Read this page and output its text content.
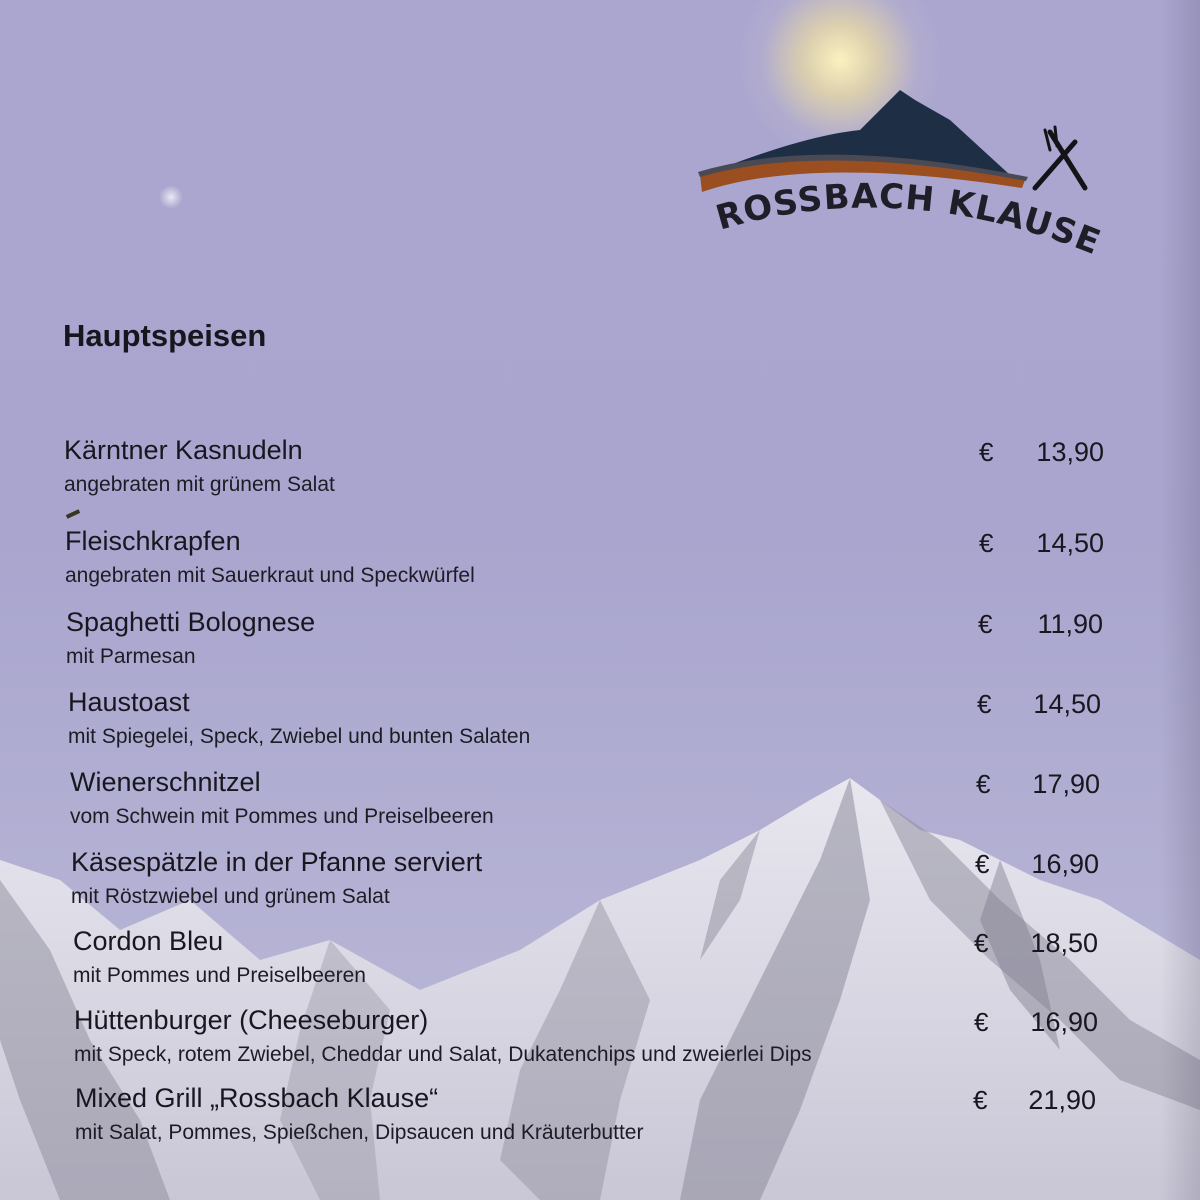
ROSSBACH KLAUSE
Hauptspeisen
Kärntner Kasnudeln
angebraten mit grünem Salat
€	13,90
Fleischkrapfen
angebraten mit Sauerkraut und Speckwürfel
€	14,50
Spaghetti Bolognese
mit Parmesan
€	11,90
Haustoast
mit Spiegelei, Speck, Zwiebel und bunten Salaten
€	14,50
Wienerschnitzel
vom Schwein mit Pommes und Preiselbeeren
€	17,90
Käsespätzle in der Pfanne serviert
mit Röstzwiebel und grünem Salat
€	16,90
Cordon Bleu
mit Pommes und Preiselbeeren
€	18,50
Hüttenburger (Cheeseburger)
mit Speck, rotem Zwiebel, Cheddar und Salat, Dukatenchips und zweierlei Dips
€	16,90
Mixed Grill „Rossbach Klause“
mit Salat, Pommes, Spießchen, Dipsaucen und Kräuterbutter
€	21,90
